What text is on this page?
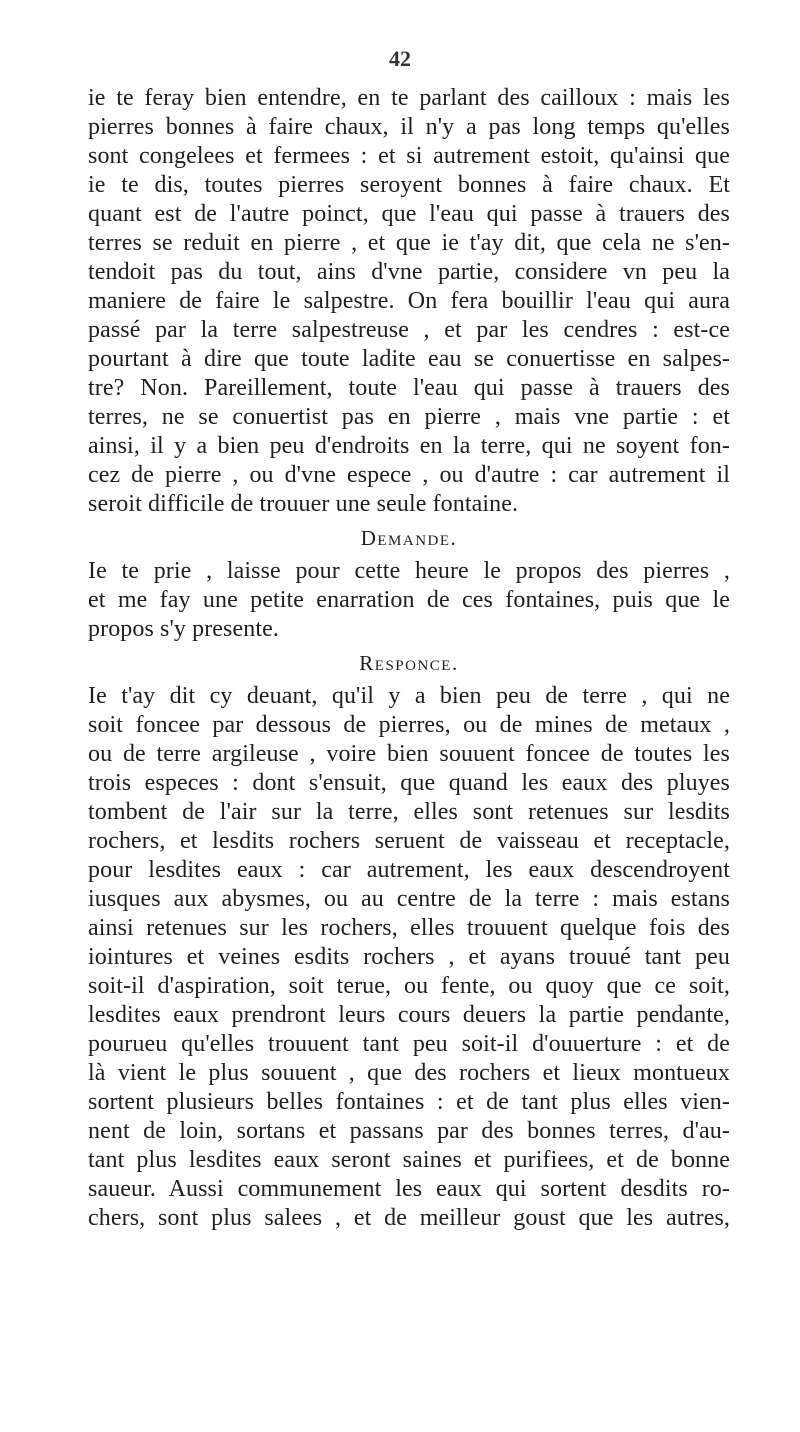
42
ie te feray bien entendre, en te parlant des cailloux : mais les
pierres bonnes à faire chaux, il n'y a pas long temps qu'elles
sont congelees et fermees : et si autrement estoit, qu'ainsi que
ie te dis, toutes pierres seroyent bonnes à faire chaux. Et
quant est de l'autre poinct, que l'eau qui passe à trauers des
terres se reduit en pierre , et que ie t'ay dit, que cela ne s'en-
tendoit pas du tout, ains d'vne partie, considere vn peu la
maniere de faire le salpestre. On fera bouillir l'eau qui aura
passé par la terre salpestreuse , et par les cendres : est-ce
pourtant à dire que toute ladite eau se conuertisse en salpes-
tre? Non. Pareillement, toute l'eau qui passe à trauers des
terres, ne se conuertist pas en pierre , mais vne partie : et
ainsi, il y a bien peu d'endroits en la terre, qui ne soyent fon-
cez de pierre , ou d'vne espece , ou d'autre : car autrement il
seroit difficile de trouuer une seule fontaine.
Demande.
Ie te prie , laisse pour cette heure le propos des pierres ,
et me fay une petite enarration de ces fontaines, puis que le
propos s'y presente.
Responce.
Ie t'ay dit cy deuant, qu'il y a bien peu de terre , qui ne
soit foncee par dessous de pierres, ou de mines de metaux ,
ou de terre argileuse , voire bien souuent foncee de toutes les
trois especes : dont s'ensuit, que quand les eaux des pluyes
tombent de l'air sur la terre, elles sont retenues sur lesdits
rochers, et lesdits rochers seruent de vaisseau et receptacle,
pour lesdites eaux : car autrement, les eaux descendroyent
iusques aux abysmes, ou au centre de la terre : mais estans
ainsi retenues sur les rochers, elles trouuent quelque fois des
iointures et veines esdits rochers , et ayans trouué tant peu
soit-il d'aspiration, soit terue, ou fente, ou quoy que ce soit,
lesdites eaux prendront leurs cours deuers la partie pendante,
pourueu qu'elles trouuent tant peu soit-il d'ouuerture : et de
là vient le plus souuent , que des rochers et lieux montueux
sortent plusieurs belles fontaines : et de tant plus elles vien-
nent de loin, sortans et passans par des bonnes terres, d'au-
tant plus lesdites eaux seront saines et purifiees, et de bonne
saueur. Aussi communement les eaux qui sortent desdits ro-
chers, sont plus salees , et de meilleur goust que les autres,
